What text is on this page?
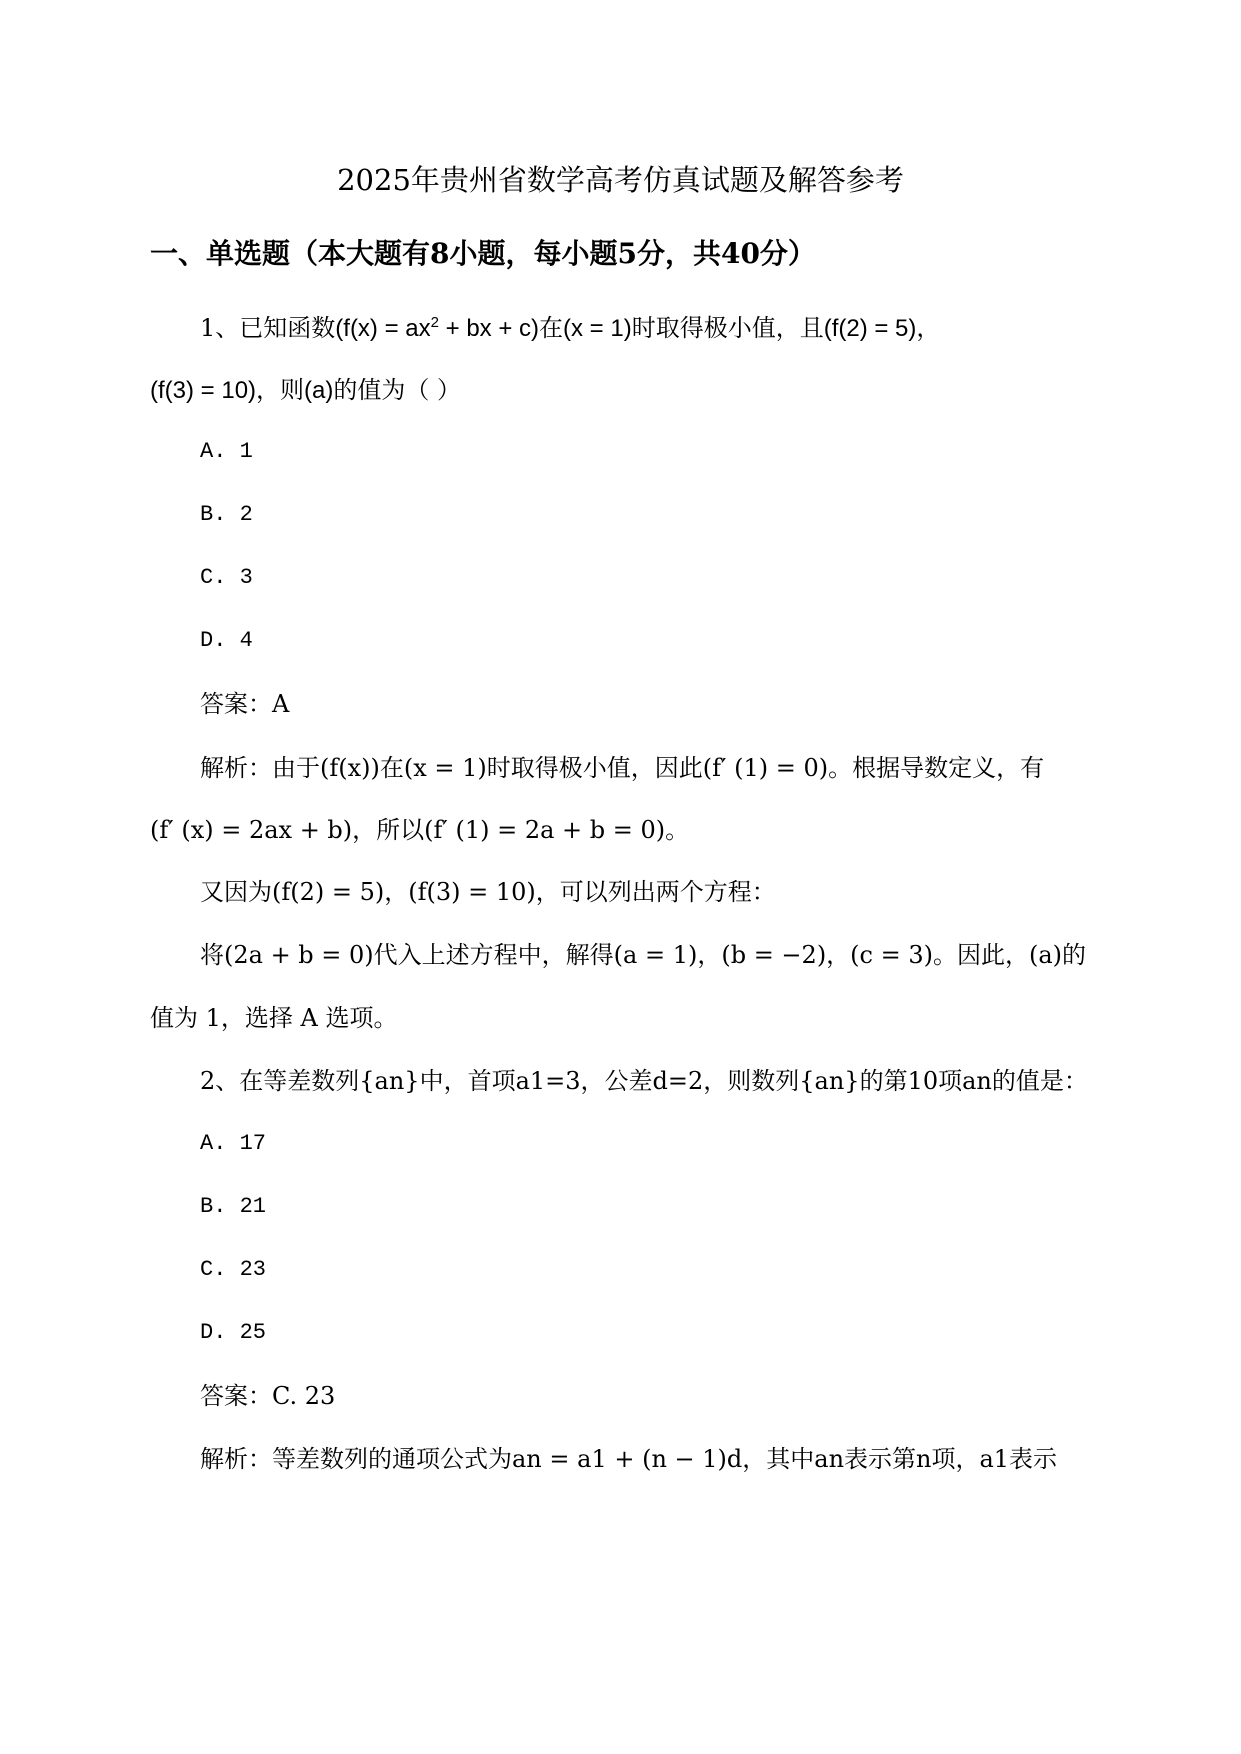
2025年贵州省数学高考仿真试题及解答参考
一、单选题（本大题有8小题，每小题5分，共40分）
1、已知函数($f(x) = ax^2$ + bx + c)在(x = 1)时取得极小值，且(f(2) = 5)，
(f(3) = 10)，则(a)的值为（ ）
A. 1
B. 2
C. 3
D. 4
答案：A
解析：由于(f(x))在(x = 1)时取得极小值，因此(f′ (1) = 0)。根据导数定义，有
(f′ (x) = 2ax + b)，所以(f′ (1) = 2a + b = 0)。
又因为(f(2) = 5)，(f(3) = 10)，可以列出两个方程：
将(2a + b = 0)代入上述方程中，解得(a = 1)，(b = −2)，(c = 3)。因此，(a)的
值为 1，选择 A 选项。
2、在等差数列{an}中，首项a1=3，公差d=2，则数列{an}的第10项an的值是：
A. 17
B. 21
C. 23
D. 25
答案：C. 23
解析：等差数列的通项公式为an = a1 + (n − 1)d，其中an表示第n项，a1表示
